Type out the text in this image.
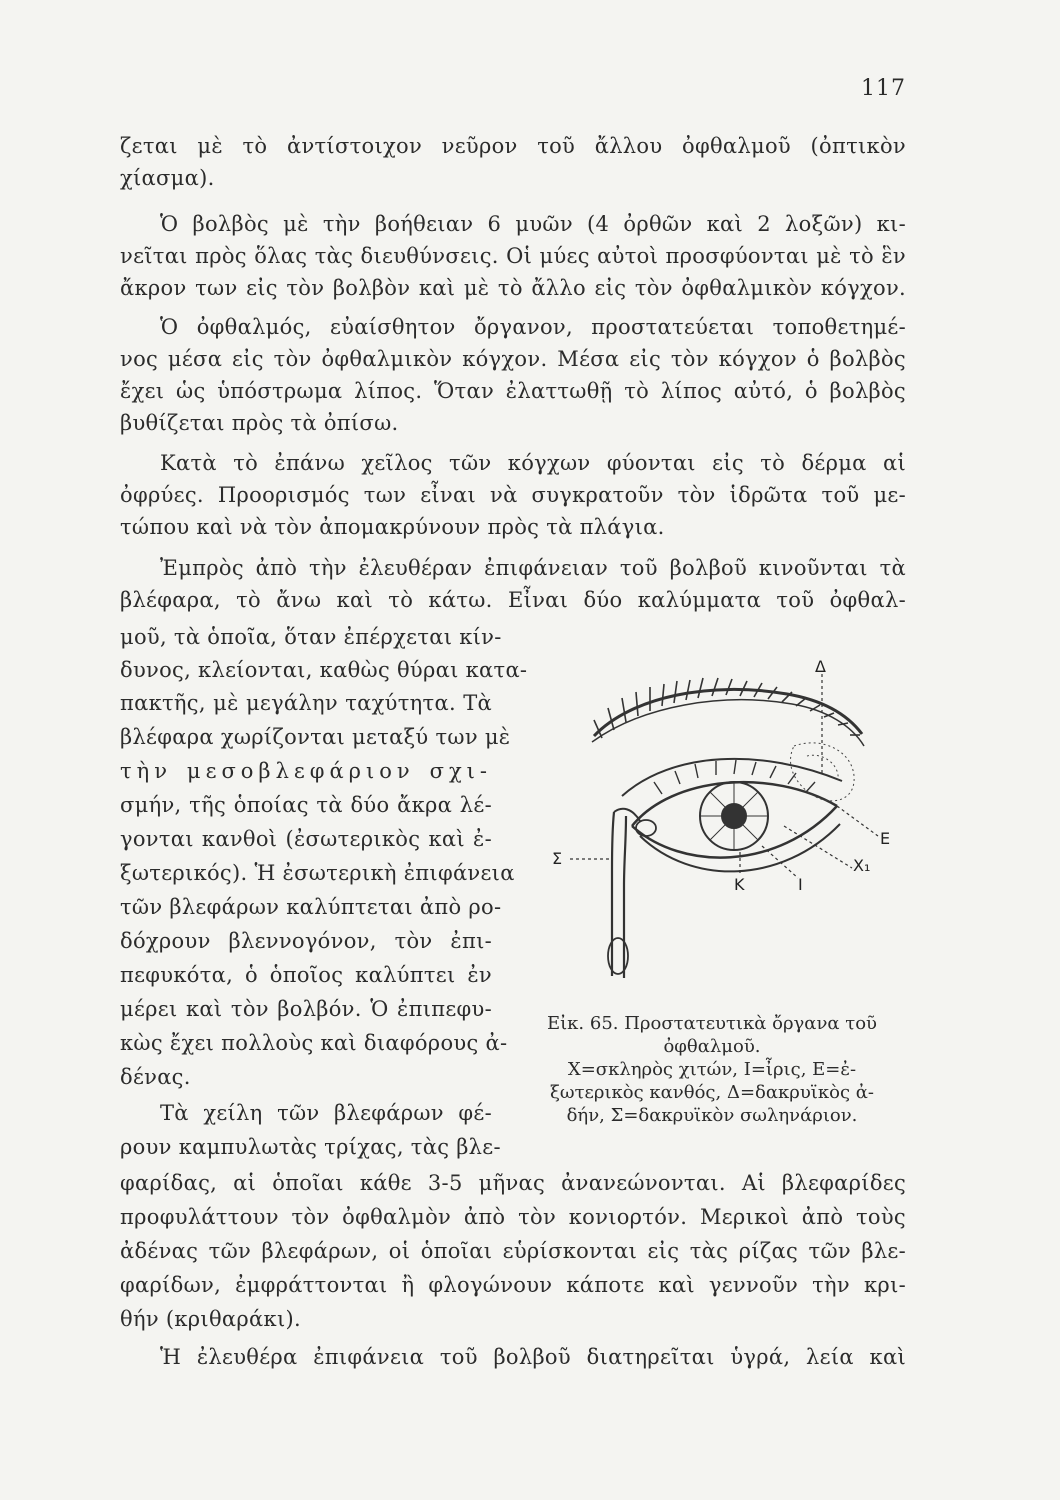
117
ζεται μὲ τὸ ἀντίστοιχον νεῦρον τοῦ ἄλλου ὀφθαλμοῦ (ὀπτικὸν
χίασμα).
Ὁ βολβὸς μὲ τὴν βοήθειαν 6 μυῶν (4 ὀρθῶν καὶ 2 λοξῶν) κι-
νεῖται πρὸς ὅλας τὰς διευθύνσεις. Οἱ μύες αὐτοὶ προσφύονται μὲ τὸ ἓν
ἄκρον των εἰς τὸν βολβὸν καὶ μὲ τὸ ἄλλο εἰς τὸν ὀφθαλμικὸν κόγχον.
Ὁ ὀφθαλμός, εὐαίσθητον ὄργανον, προστατεύεται τοποθετημέ-
νος μέσα εἰς τὸν ὀφθαλμικὸν κόγχον. Μέσα εἰς τὸν κόγχον ὁ βολβὸς
ἔχει ὡς ὑπόστρωμα λίπος. Ὅταν ἐλαττωθῇ τὸ λίπος αὐτό, ὁ βολβὸς
βυθίζεται πρὸς τὰ ὀπίσω.
Κατὰ τὸ ἐπάνω χεῖλος τῶν κόγχων φύονται εἰς τὸ δέρμα αἱ
ὀφρύες. Προορισμός των εἶναι νὰ συγκρατοῦν τὸν ἱδρῶτα τοῦ με-
τώπου καὶ νὰ τὸν ἀπομακρύνουν πρὸς τὰ πλάγια.
Ἐμπρὸς ἀπὸ τὴν ἐλευθέραν ἐπιφάνειαν τοῦ βολβοῦ κινοῦνται τὰ
βλέφαρα, τὸ ἄνω καὶ τὸ κάτω. Εἶναι δύο καλύμματα τοῦ ὀφθαλ-
μοῦ, τὰ ὁποῖα, ὅταν ἐπέρχεται κίν-
δυνος, κλείονται, καθὼς θύραι κατα-
πακτῆς, μὲ μεγάλην ταχύτητα. Τὰ
βλέφαρα χωρίζονται μεταξύ των μὲ
τὴν μεσοβλεφάριον σχι-
σμήν, τῆς ὁποίας τὰ δύο ἄκρα λέ-
γονται κανθοὶ (ἐσωτερικὸς καὶ ἐ-
ξωτερικός). Ἡ ἐσωτερικὴ ἐπιφάνεια
τῶν βλεφάρων καλύπτεται ἀπὸ ρο-
δόχρουν βλεννογόνον, τὸν ἐπι-
πεφυκότα, ὁ ὁποῖος καλύπτει ἐν
μέρει καὶ τὸν βολβόν. Ὁ ἐπιπεφυ-
κὼς ἔχει πολλοὺς καὶ διαφόρους ἀ-
δένας.
Τὰ χείλη τῶν βλεφάρων φέ-
ρουν καμπυλωτὰς τρίχας, τὰς βλε-
φαρίδας, αἱ ὁποῖαι κάθε 3-5 μῆνας ἀνανεώνονται. Αἱ βλεφαρίδες
προφυλάττουν τὸν ὀφθαλμὸν ἀπὸ τὸν κονιορτόν. Μερικοὶ ἀπὸ τοὺς
ἀδένας τῶν βλεφάρων, οἱ ὁποῖαι εὑρίσκονται εἰς τὰς ρίζας τῶν βλε-
φαρίδων, ἐμφράττονται ἢ φλογώνουν κάποτε καὶ γεννοῦν τὴν κρι-
θήν (κριθαράκι).
Ἡ ἐλευθέρα ἐπιφάνεια τοῦ βολβοῦ διατηρεῖται ὑγρά, λεία καὶ
Δ
Ε
Χ₁
Σ
Κ	Ι
Εἰκ. 65. Προστατευτικὰ ὄργανα τοῦ
ὀφθαλμοῦ.
Χ=σκληρὸς χιτών, Ι=ἶρις, Ε=ἐ-
ξωτερικὸς κανθός, Δ=δακρυϊκὸς ἀ-
δήν, Σ=δακρυϊκὸν σωληνάριον.
